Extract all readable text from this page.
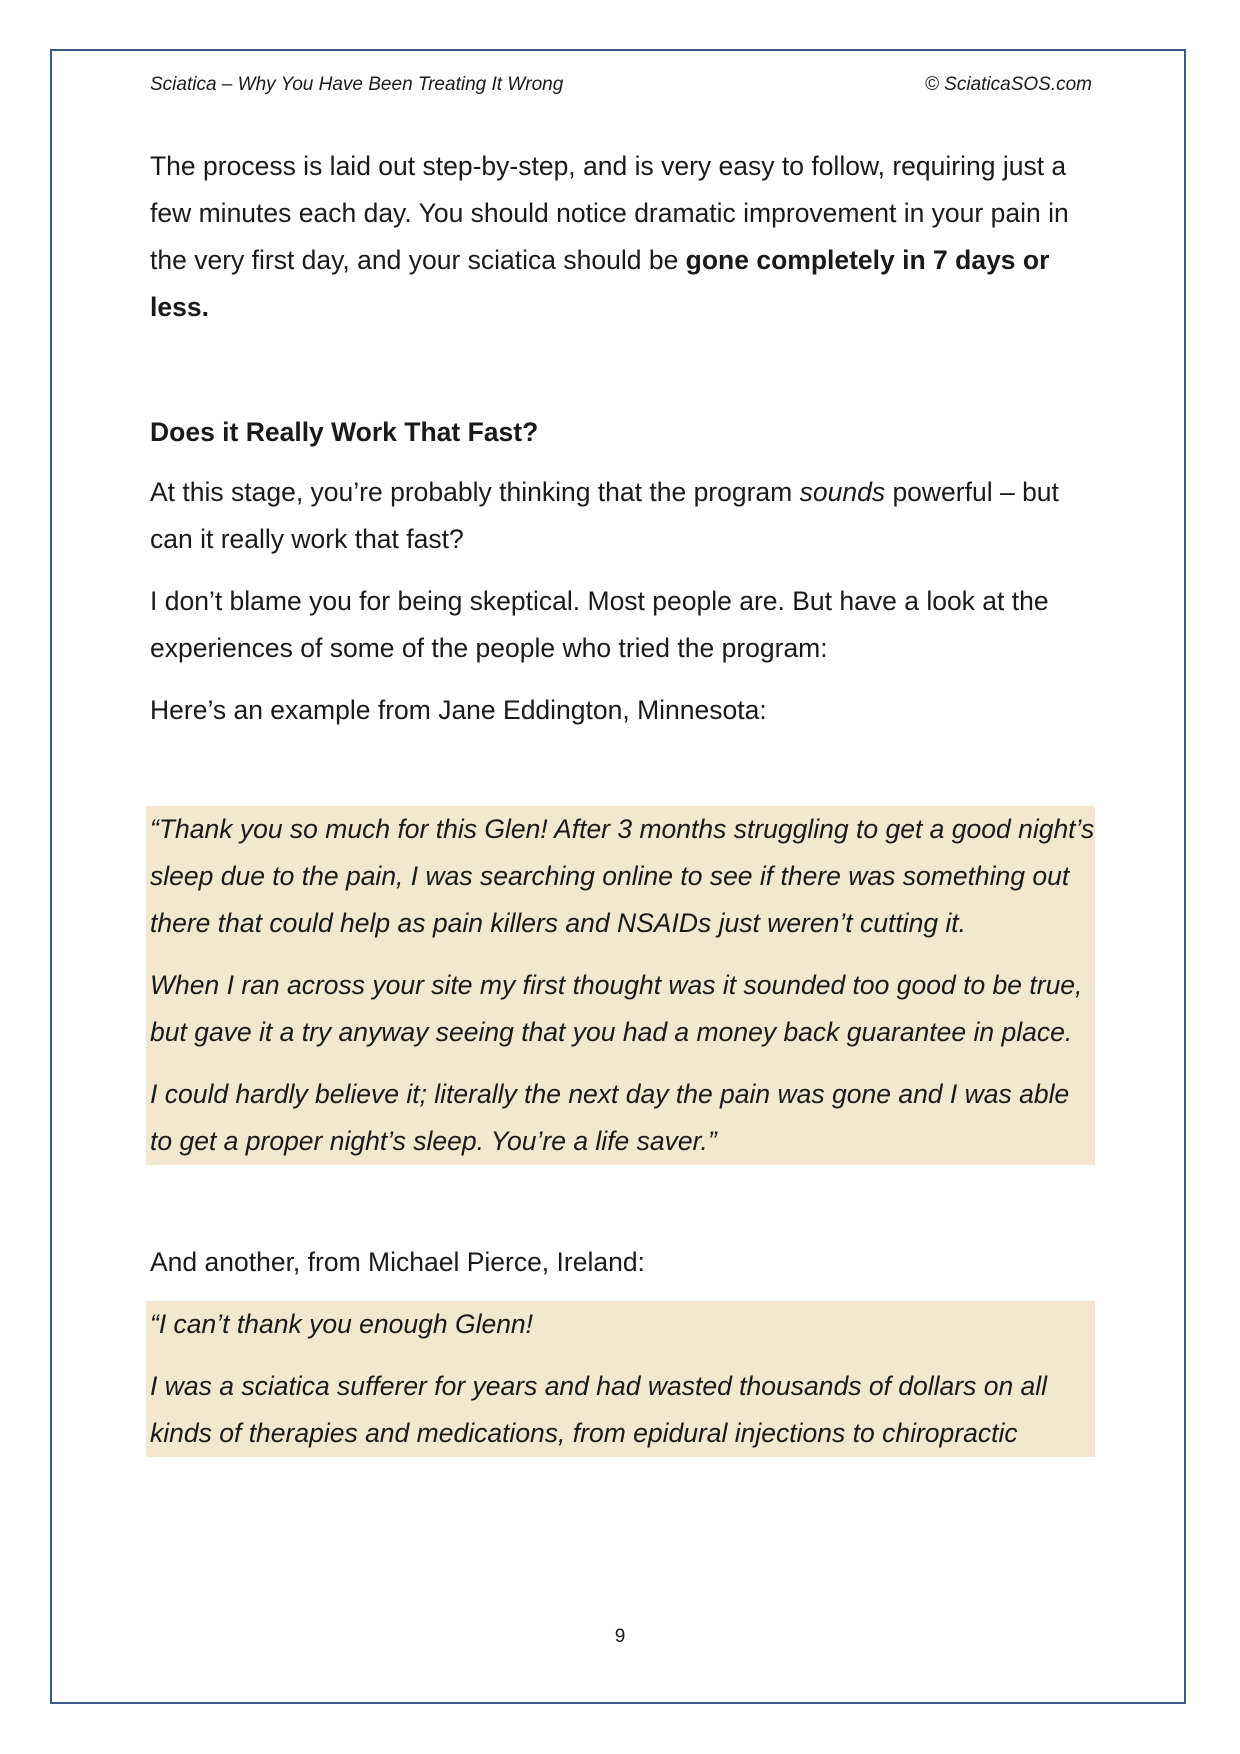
Sciatica – Why You Have Been Treating It Wrong	© SciaticaSOS.com

The process is laid out step-by-step, and is very easy to follow, requiring just a few minutes each day. You should notice dramatic improvement in your pain in the very first day, and your sciatica should be gone completely in 7 days or less.

Does it Really Work That Fast?

At this stage, you’re probably thinking that the program sounds powerful – but can it really work that fast?

I don’t blame you for being skeptical. Most people are. But have a look at the experiences of some of the people who tried the program:

Here’s an example from Jane Eddington, Minnesota:

“Thank you so much for this Glen! After 3 months struggling to get a good night’s sleep due to the pain, I was searching online to see if there was something out there that could help as pain killers and NSAIDs just weren’t cutting it.

When I ran across your site my first thought was it sounded too good to be true, but gave it a try anyway seeing that you had a money back guarantee in place.

I could hardly believe it; literally the next day the pain was gone and I was able to get a proper night’s sleep. You’re a life saver.”

And another, from Michael Pierce, Ireland:

“I can’t thank you enough Glenn!

I was a sciatica sufferer for years and had wasted thousands of dollars on all kinds of therapies and medications, from epidural injections to chiropractic

9
